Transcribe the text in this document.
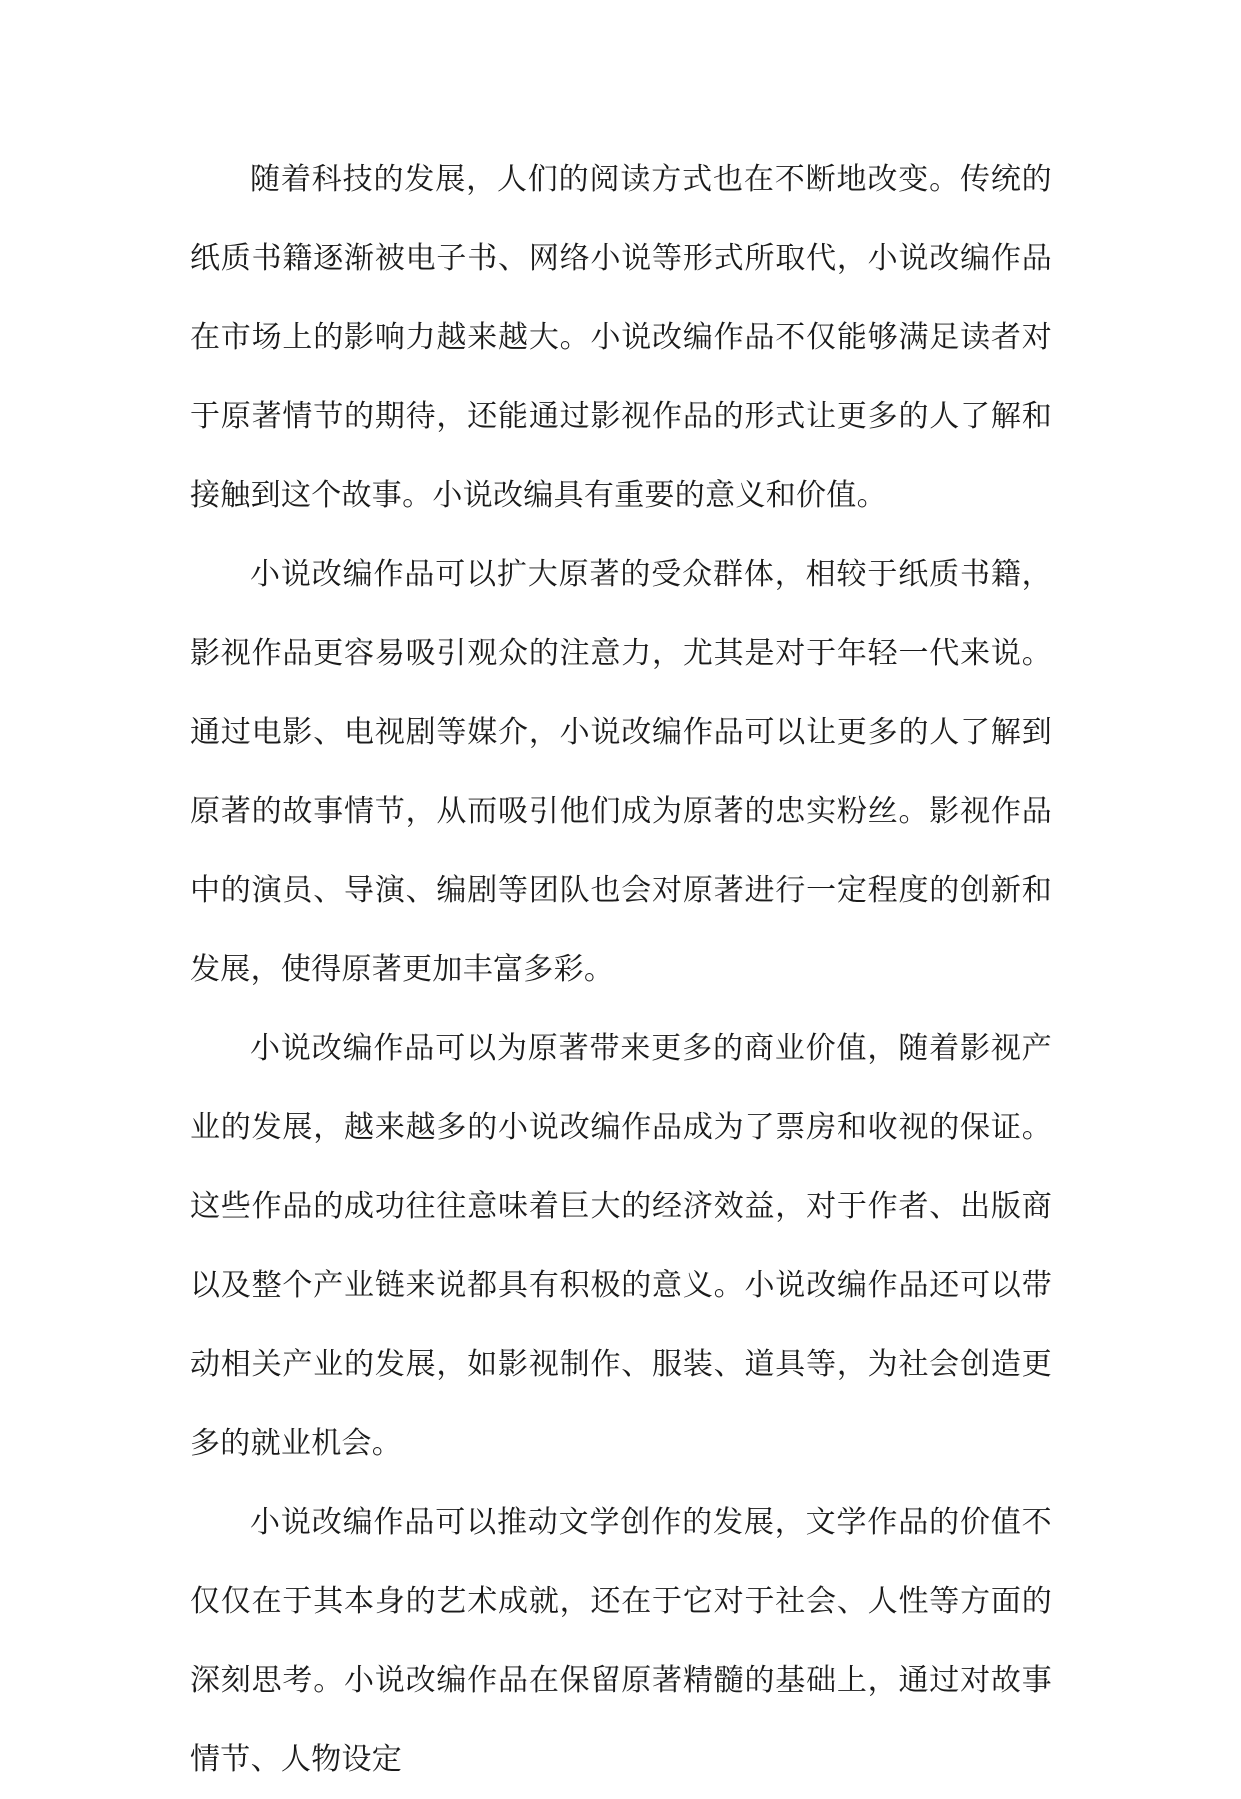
随着科技的发展，人们的阅读方式也在不断地改变。传统的纸质书籍逐渐被电子书、网络小说等形式所取代，小说改编作品在市场上的影响力越来越大。小说改编作品不仅能够满足读者对于原著情节的期待，还能通过影视作品的形式让更多的人了解和接触到这个故事。小说改编具有重要的意义和价值。

小说改编作品可以扩大原著的受众群体，相较于纸质书籍，影视作品更容易吸引观众的注意力，尤其是对于年轻一代来说。通过电影、电视剧等媒介，小说改编作品可以让更多的人了解到原著的故事情节，从而吸引他们成为原著的忠实粉丝。影视作品中的演员、导演、编剧等团队也会对原著进行一定程度的创新和发展，使得原著更加丰富多彩。

小说改编作品可以为原著带来更多的商业价值，随着影视产业的发展，越来越多的小说改编作品成为了票房和收视的保证。这些作品的成功往往意味着巨大的经济效益，对于作者、出版商以及整个产业链来说都具有积极的意义。小说改编作品还可以带动相关产业的发展，如影视制作、服装、道具等，为社会创造更多的就业机会。

小说改编作品可以推动文学创作的发展，文学作品的价值不仅仅在于其本身的艺术成就，还在于它对于社会、人性等方面的深刻思考。小说改编作品在保留原著精髓的基础上，通过对故事情节、人物设定
